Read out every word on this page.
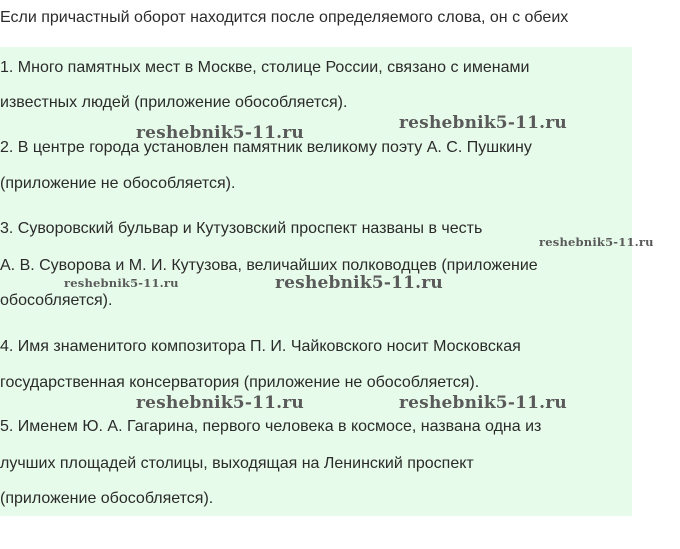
Если причастный оборот находится после определяемого слова, он с обеих
1. Много памятных мест в Москве, столице России, связано с именами
известных людей (приложение обособляется).
2. В центре города установлен памятник великому поэту А. С. Пушкину
(приложение не обособляется).
3. Суворовский бульвар и Кутузовский проспект названы в честь
А. В. Суворова и М. И. Кутузова, величайших полководцев (приложение
обособляется).
4. Имя знаменитого композитора П. И. Чайковского носит Московская
государственная консерватория (приложение не обособляется).
5. Именем Ю. А. Гагарина, первого человека в космосе, названа одна из
лучших площадей столицы, выходящая на Ленинский проспект
(приложение обособляется).
reshebnik5-11.ru	reshebnik5-11.ru
reshebnik5-11.ru
reshebnik5-11.ru	reshebnik5-11.ru
reshebnik5-11.ru	reshebnik5-11.ru
